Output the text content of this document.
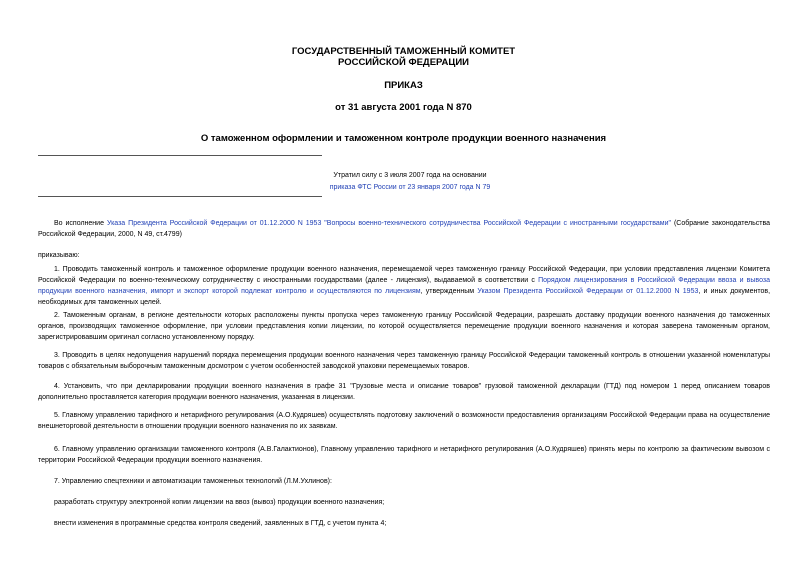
ГОСУДАРСТВЕННЫЙ ТАМОЖЕННЫЙ КОМИТЕТ
РОССИЙСКОЙ ФЕДЕРАЦИИ
ПРИКАЗ
от 31 августа 2001 года N 870
О таможенном оформлении и таможенном контроле продукции военного назначения
Утратил силу с 3 июля 2007 года на основании
приказа ФТС России от 23 января 2007 года N 79
Во исполнение Указа Президента Российской Федерации от 01.12.2000 N 1953 "Вопросы военно-технического сотрудничества Российской Федерации с иностранными государствами" (Собрание законодательства Российской Федерации, 2000, N 49, ст.4799)
приказываю:
1. Проводить таможенный контроль и таможенное оформление продукции военного назначения, перемещаемой через таможенную границу Российской Федерации, при условии представления лицензии Комитета Российской Федерации по военно-техническому сотрудничеству с иностранными государствами (далее - лицензия), выдаваемой в соответствии с Порядком лицензирования в Российской Федерации ввоза и вывоза продукции военного назначения, импорт и экспорт которой подлежат контролю и осуществляются по лицензиям, утвержденным Указом Президента Российской Федерации от 01.12.2000 N 1953, и иных документов, необходимых для таможенных целей.
2. Таможенным органам, в регионе деятельности которых расположены пункты пропуска через таможенную границу Российской Федерации, разрешать доставку продукции военного назначения до таможенных органов, производящих таможенное оформление, при условии представления копии лицензии, по которой осуществляется перемещение продукции военного назначения и которая заверена таможенным органом, зарегистрировавшим оригинал согласно установленному порядку.
3. Проводить в целях недопущения нарушений порядка перемещения продукции военного назначения через таможенную границу Российской Федерации таможенный контроль в отношении указанной номенклатуры товаров с обязательным выборочным таможенным досмотром с учетом особенностей заводской упаковки перемещаемых товаров.
4. Установить, что при декларировании продукции военного назначения в графе 31 "Грузовые места и описание товаров" грузовой таможенной декларации (ГТД) под номером 1 перед описанием товаров дополнительно проставляется категория продукции военного назначения, указанная в лицензии.
5. Главному управлению тарифного и нетарифного регулирования (А.О.Кудряшев) осуществлять подготовку заключений о возможности предоставления организациям Российской Федерации права на осуществление внешнеторговой деятельности в отношении продукции военного назначения по их заявкам.
6. Главному управлению организации таможенного контроля (А.В.Галактионов), Главному управлению тарифного и нетарифного регулирования (А.О.Кудряшев) принять меры по контролю за фактическим вывозом с территории Российской Федерации продукции военного назначения.
7. Управлению спецтехники и автоматизации таможенных технологий (Л.М.Ухлинов):
разработать структуру электронной копии лицензии на ввоз (вывоз) продукции военного назначения;
внести изменения в программные средства контроля сведений, заявленных в ГТД, с учетом пункта 4;
